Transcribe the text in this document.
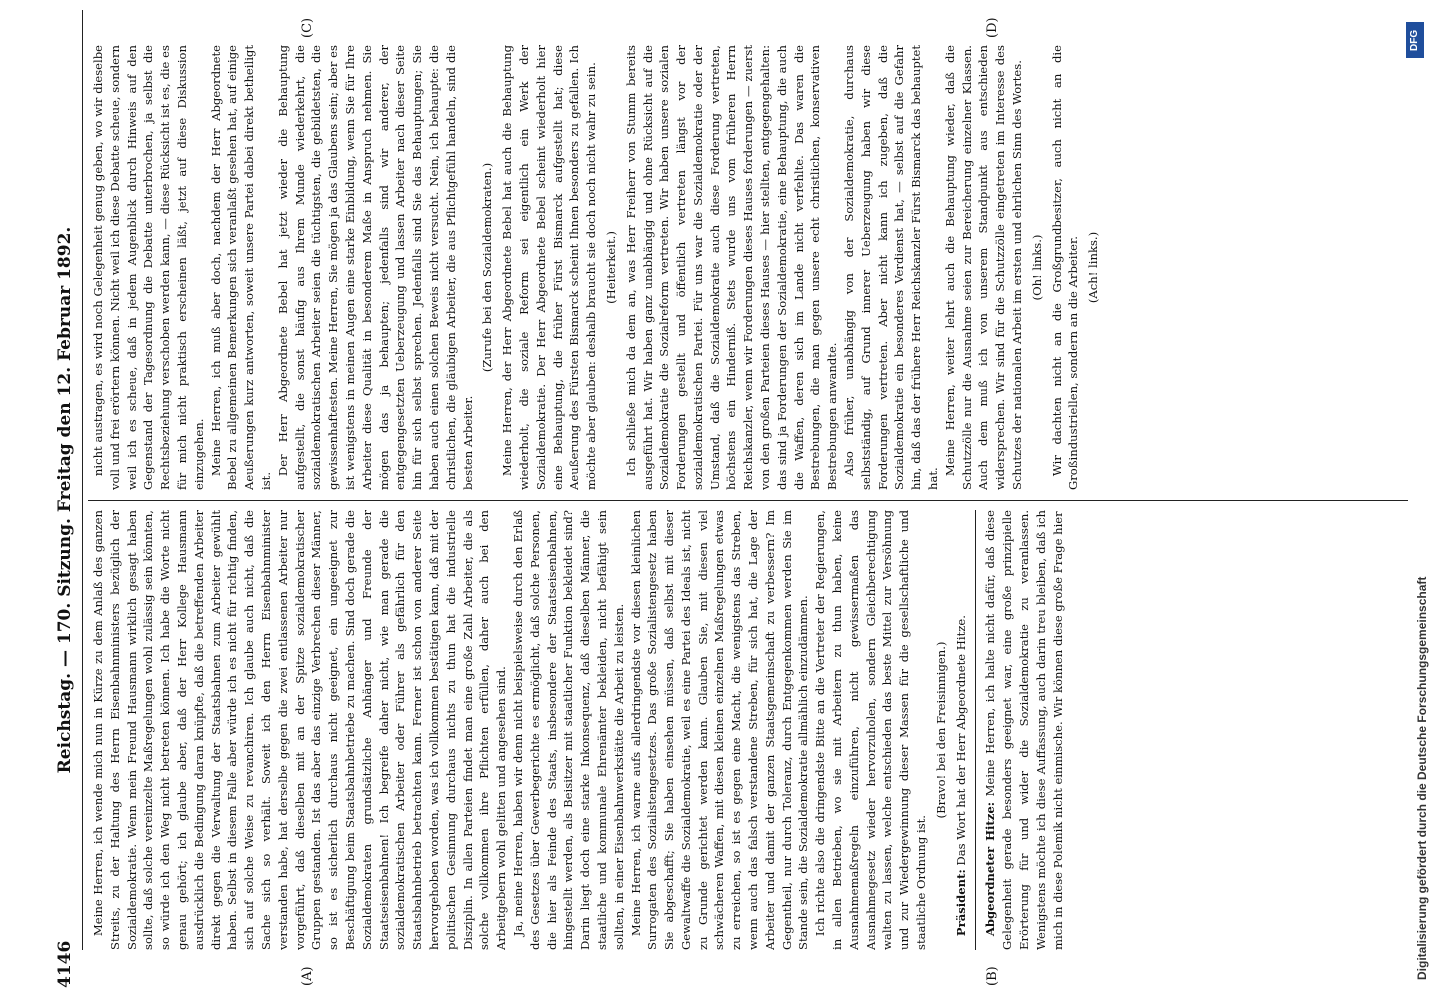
4146
Reichstag. — 170. Sitzung. Freitag den 12. Februar 1892.
(A)	(B)
(C)	(D)

Meine Herren, ich wende mich nun in Kürze zu dem Anlaß des ganzen Streits, zu der Haltung des Herrn Eisenbahnministers bezüglich der Sozialdemokratie. Wenn mein Freund Hausmann wirklich gesagt haben sollte, daß solche vereinzelte Maßregelungen wohl zulässig sein könnten, so würde ich den Weg nicht betreten können. Ich habe die Worte nicht genau gehört; ich glaube aber, daß der Herr Kollege Hausmann ausdrücklich die Bedingung daran knüpfte, daß die betreffenden Arbeiter direkt gegen die Verwaltung der Staatsbahnen zum Arbeiter gewühlt haben. Selbst in diesem Falle aber würde ich es nicht für richtig finden, sich auf solche Weise zu revanchiren. Ich glaube auch nicht, daß die Sache sich so verhält. Soweit ich den Herrn Eisenbahnminister verstanden habe, hat derselbe gegen die zwei entlassenen Arbeiter nur vorgeführt, daß dieselben mit an der Spitze sozialdemokratischer Gruppen gestanden. Ist das aber das einzige Verbrechen dieser Männer, so ist es sicherlich durchaus nicht geeignet, ein ungeeignet zur Beschäftigung beim Staatsbahnbetriebe zu machen. Sind doch gerade die Sozialdemokraten grundsätzliche Anhänger und Freunde der Staatseisenbahnen! Ich begreife daher nicht, wie man gerade die sozialdemokratischen Arbeiter oder Führer als gefährlich für den Staatsbahnbetrieb betrachten kann. Ferner ist schon von anderer Seite hervorgehoben worden, was ich vollkommen bestätigen kann, daß mit der politischen Gesinnung durchaus nichts zu thun hat die industrielle Disziplin. In allen Parteien findet man eine große Zahl Arbeiter, die als solche vollkommen ihre Pflichten erfüllen, daher auch bei den Arbeitgebern wohl gelitten und angesehen sind. Ja, meine Herren, haben wir denn nicht beispielsweise durch den Erlaß des Gesetzes über Gewerbegerichte es ermöglicht, daß solche Personen, die hier als Feinde des Staats, insbesondere der Staatseisenbahnen, hingestellt werden, als Beisitzer mit staatlicher Funktion bekleidet sind? Darin liegt doch eine starke Inkonsequenz, daß dieselben Männer, die staatliche und kommunale Ehrenämter bekleiden, nicht befähigt sein sollten, in einer Eisenbahnwerkstätte die Arbeit zu leisten. Meine Herren, ich warne aufs allerdringendste vor diesen kleinlichen Surrogaten des Sozialistengesetzes. Das große Sozialistengesetz haben Sie abgeschafft; Sie haben einsehen müssen, daß selbst mit dieser Gewaltwaffe die Sozialdemokratie, weil es eine Partei des Ideals ist, nicht zu Grunde gerichtet werden kann. Glauben Sie, mit diesen viel schwächeren Waffen, mit diesen kleinen einzelnen Maßregelungen etwas zu erreichen, so ist es gegen eine Macht, die wenigstens das Streben, wenn auch das falsch verstandene Streben, für sich hat, die Lage der Arbeiter und damit der ganzen Staatsgemeinschaft zu verbessern? Im Gegentheil, nur durch Toleranz, durch Entgegenkommen werden Sie im Stande sein, die Sozialdemokratie allmählich einzudämmen. Ich richte also die dringendste Bitte an die Vertreter der Regierungen, in allen Betrieben, wo sie mit Arbeitern zu thun haben, keine Ausnahmemaßregeln einzuführen, nicht gewissermaßen das Ausnahmegesetz wieder hervorzuholen, sondern Gleichberechtigung walten zu lassen, welche entschieden das beste Mittel zur Versöhnung und zur Wiedergewinnung dieser Massen für die gesellschaftliche und staatliche Ordnung ist.

(Bravo! bei den Freisinnigen.)

Präsident: Das Wort hat der Herr Abgeordnete Hitze.

Abgeordneter Hitze: Meine Herren, ich halte nicht dafür, daß diese Gelegenheit gerade besonders geeignet war, eine große prinzipielle Erörterung für und wider die Sozialdemokratie zu veranlassen. Wenigstens möchte ich diese Auffassung, auch darin treu bleiben, daß ich mich in diese Polemik nicht einmische. Wir können diese große Frage hier

nicht austragen, es wird noch Gelegenheit genug geben, wo wir dieselbe voll und frei erörtern können. Nicht weil ich diese Debatte scheue, sondern weil ich es scheue, daß in jedem Augenblick durch Hinweis auf den Gegenstand der Tagesordnung die Debatte unterbrochen, ja selbst die Rechtsbeziehung verschoben werden kann, — diese Rücksicht ist es, die es für mich nicht praktisch erscheinen läßt, jetzt auf diese Diskussion einzugehen. Meine Herren, ich muß aber doch, nachdem der Herr Abgeordnete Bebel zu allgemeinen Bemerkungen sich veranlaßt gesehen hat, auf einige Aeußerungen kurz antworten, soweit unsere Partei dabei direkt betheiligt ist.

Der Herr Abgeordnete Bebel hat jetzt wieder die Behauptung aufgestellt, die sonst häufig aus Ihrem Munde wiederkehrt, die sozialdemokratischen Arbeiter seien die tüchtigsten, die gebildetsten, die gewissenhaftesten. Meine Herren, Sie mögen ja das Glaubens sein; aber es ist wenigstens in meinen Augen eine starke Einbildung, wenn Sie für Ihre Arbeiter diese Qualität in besonderem Maße in Anspruch nehmen. Sie mögen das ja behaupten; jedenfalls sind wir anderer, der entgegengesetzten Ueberzeugung und lassen Arbeiter nach dieser Seite hin für sich selbst sprechen. Jedenfalls sind Sie das Behauptungen; Sie haben auch einen solchen Beweis nicht versucht. Nein, ich behaupte: die christlichen, die gläubigen Arbeiter, die aus Pflichtgefühl handeln, sind die besten Arbeiter.

(Zurufe bei den Sozialdemokraten.) Meine Herren, der Herr Abgeordnete Bebel hat auch die Behauptung wiederholt, die soziale Reform sei eigentlich ein Werk der Sozialdemokratie. Der Herr Abgeordnete Bebel scheint wiederholt hier eine Behauptung, die früher Fürst Bismarck aufgestellt hat; diese Aeußerung des Fürsten Bismarck scheint Ihnen besonders zu gefallen. Ich möchte aber glauben: deshalb braucht sie doch noch nicht wahr zu sein. (Heiterkeit.) Ich schließe mich da dem an, was Herr Freiherr von Stumm bereits ausgeführt hat. Wir haben ganz unabhängig und ohne Rücksicht auf die Sozialdemokratie die Sozialreform vertreten. Wir haben unsere sozialen Forderungen gestellt und öffentlich vertreten längst vor der sozialdemokratischen Partei. Für uns war die Sozialdemokratie oder der Umstand, daß die Sozialdemokratie auch diese Forderung vertreten, höchstens ein Hinderniß. Stets wurde uns vom früheren Herrn Reichskanzler, wenn wir Forderungen dieses Hauses forderungen — zuerst von den großen Parteien dieses Hauses — hier stellten, entgegengehalten: das sind ja Forderungen der Sozialdemokratie, eine Behauptung, die auch die Waffen, deren sich im Lande nicht verfehlte. Das waren die Bestrebungen, die man gegen unsere echt christlichen, konservativen Bestrebungen anwandte. Also früher, unabhängig von der Sozialdemokratie, durchaus selbstständig, auf Grund innerer Ueberzeugung haben wir diese Forderungen vertreten. Aber nicht kann ich zugeben, daß die Sozialdemokratie ein besonderes Verdienst hat, — selbst auf die Gefahr hin, daß das der frühere Herr Reichskanzler Fürst Bismarck das behauptet hat.

Meine Herren, weiter lehrt auch die Behauptung wieder, daß die Schutzzölle nur die Ausnahme seien zur Bereicherung einzelner Klassen. Auch dem muß ich von unserem Standpunkt aus entschieden widersprechen. Wir sind für die Schutzzölle eingetreten im Interesse des Schutzes der nationalen Arbeit im ersten und ehrlichen Sinn des Wortes. (Oh! links.) Wir dachten nicht an die Großgrundbesitzer, auch nicht an die Großindustriellen, sondern an die Arbeiter. (Ach! links.)

DFG
Digitalisierung gefördert durch die Deutsche Forschungsgemeinschaft
